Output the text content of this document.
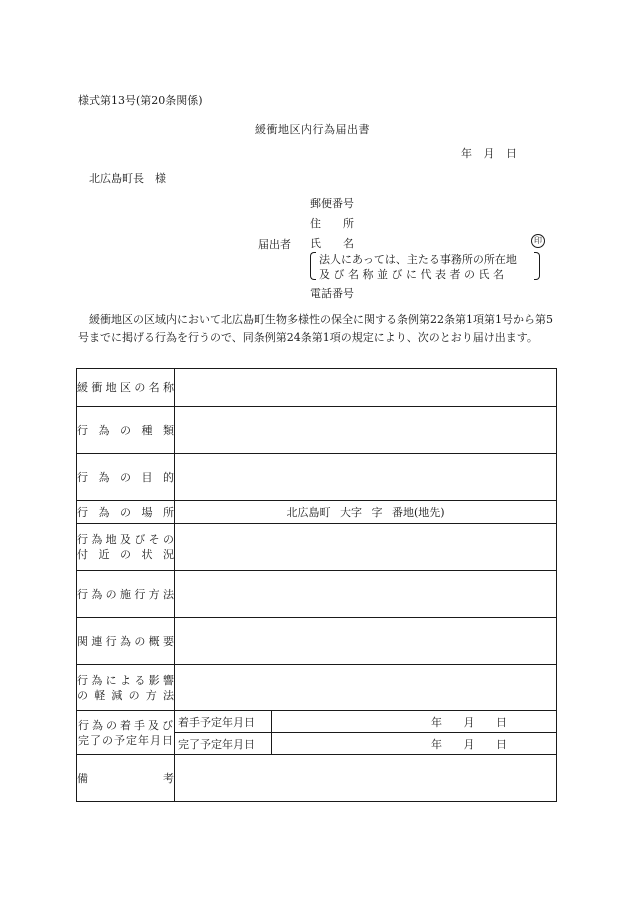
様式第13号(第20条関係)
緩衝地区内行為届出書
年 月 日
北広島町長　様
届出者
郵便番号
住　　所
氏　　名	印
法人にあっては、主たる事務所の所在地
及 び 名 称 並 び に 代 表 者 の 氏 名
電話番号
緩衝地区の区域内において北広島町生物多様性の保全に関する条例第22条第1項第1号から第5号までに掲げる行為を行うので、同条例第24条第1項の規定により、次のとおり届け出ます。
緩衝地区の名称		
行為の種類		
行為の目的		
行為の場所	北広島町 大字 字 番地(地先)	

行為地及びその
付近の状況		

行為の施行方法		
関連行為の概要		

行為による影響
の軽減の方法		

行為の着手及び
完了の予定年月日	着手予定年月日	年 月 日
	完了予定年月日	年 月 日
備考		
